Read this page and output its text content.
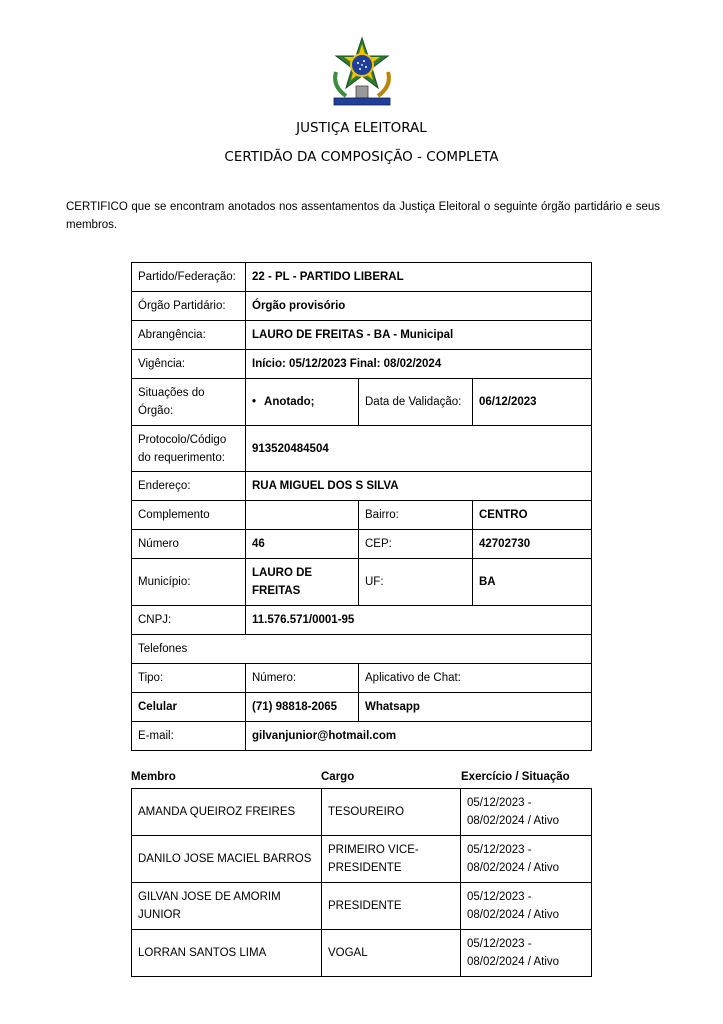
JUSTIÇA ELEITORAL
CERTIDÃO DA COMPOSIÇÃO - COMPLETA
CERTIFICO que se encontram anotados nos assentamentos da Justiça Eleitoral o seguinte órgão partidário e seus membros.
Partido/Federação:	22 - PL - PARTIDO LIBERAL		
Órgão Partidário:	Órgão provisório		
Abrangência:	LAURO DE FREITAS - BA - Municipal		
Vigência:	Início: 05/12/2023 Final: 08/02/2024		
Situações do Órgão:	• Anotado;	Data de Validação:	06/12/2023
Protocolo/Código do requerimento:	913520484504		
Endereço:	RUA MIGUEL DOS S SILVA		
Complemento		Bairro:	CENTRO
Número	46	CEP:	42702730
Município:	LAURO DE FREITAS	UF:	BA
CNPJ:	11.576.571/0001-95		
Telefones			
Tipo:	Número:	Aplicativo de Chat:	
Celular	(71) 98818-2065	Whatsapp	
E-mail:	gilvanjunior@hotmail.com		
Membro	Cargo	Exercício / Situação
AMANDA QUEIROZ FREIRES	TESOUREIRO	05/12/2023 - 08/02/2024 / Ativo
DANILO JOSE MACIEL BARROS	PRIMEIRO VICE-PRESIDENTE	05/12/2023 - 08/02/2024 / Ativo
GILVAN JOSE DE AMORIM JUNIOR	PRESIDENTE	05/12/2023 - 08/02/2024 / Ativo
LORRAN SANTOS LIMA	VOGAL	05/12/2023 - 08/02/2024 / Ativo
